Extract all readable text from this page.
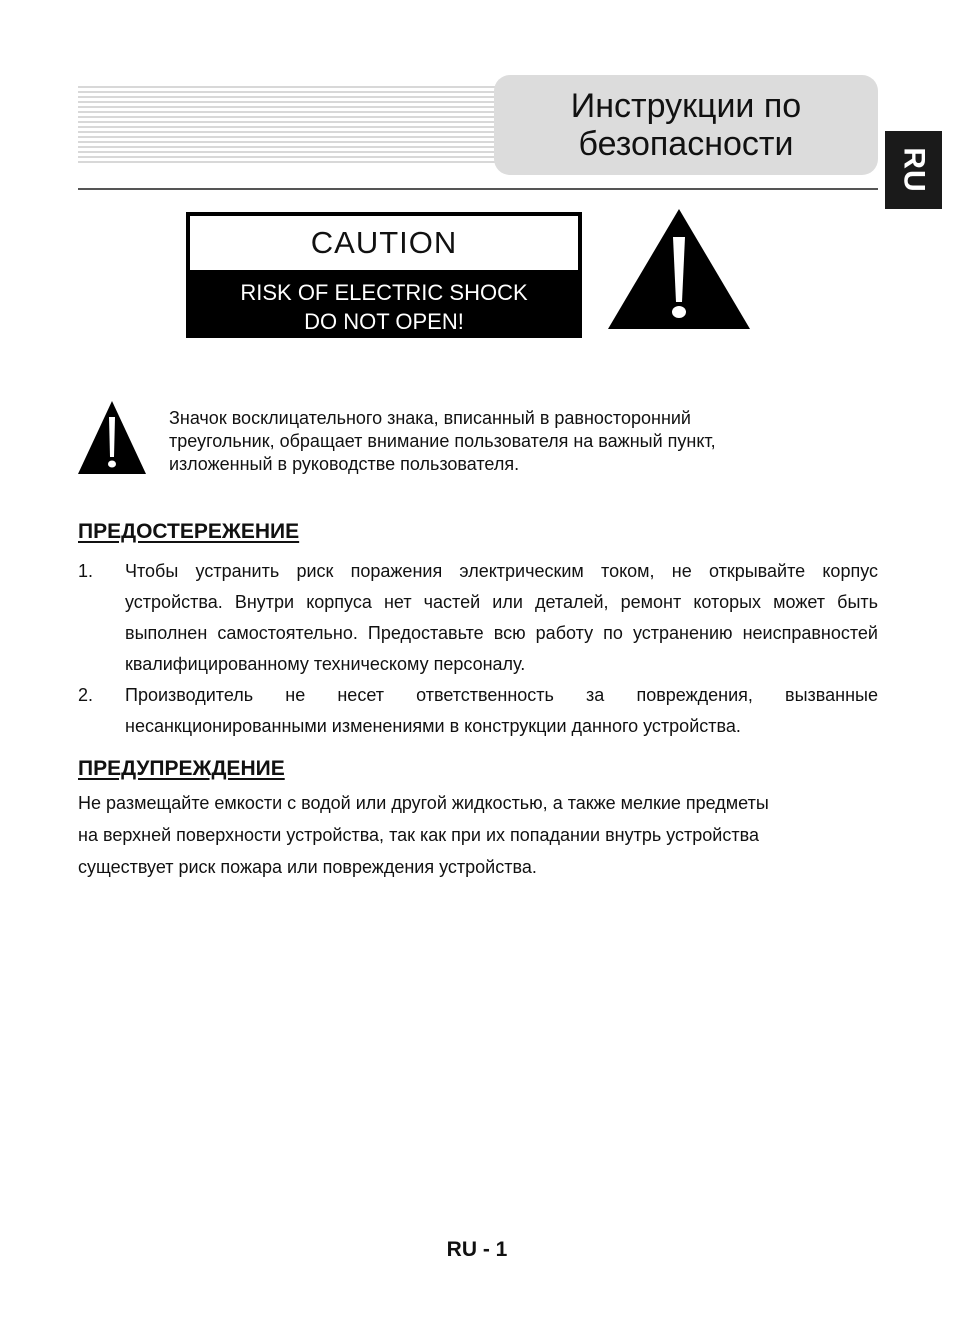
Инструкции по
безопасности
RU
CAUTION
RISK OF ELECTRIC SHOCK
DO NOT OPEN!
Значок восклицательного знака, вписанный в равносторонний
треугольник, обращает внимание пользователя на важный пункт,
изложенный в руководстве пользователя.
ПРЕДОСТЕРЕЖЕНИЕ
1. Чтобы устранить риск поражения электрическим током, не открывайте корпус устройства. Внутри корпуса нет частей или деталей, ремонт которых может быть выполнен самостоятельно. Предоставьте всю работу по устранению неисправностей квалифицированному техническому персоналу.
2. Производитель не несет ответственность за повреждения, вызванные несанкционированными изменениями в конструкции данного устройства.
ПРЕДУПРЕЖДЕНИЕ
Не размещайте емкости с водой или другой жидкостью, а также мелкие предметы
на верхней поверхности устройства, так как при их попадании внутрь устройства
существует риск пожара или повреждения устройства.
RU - 1
